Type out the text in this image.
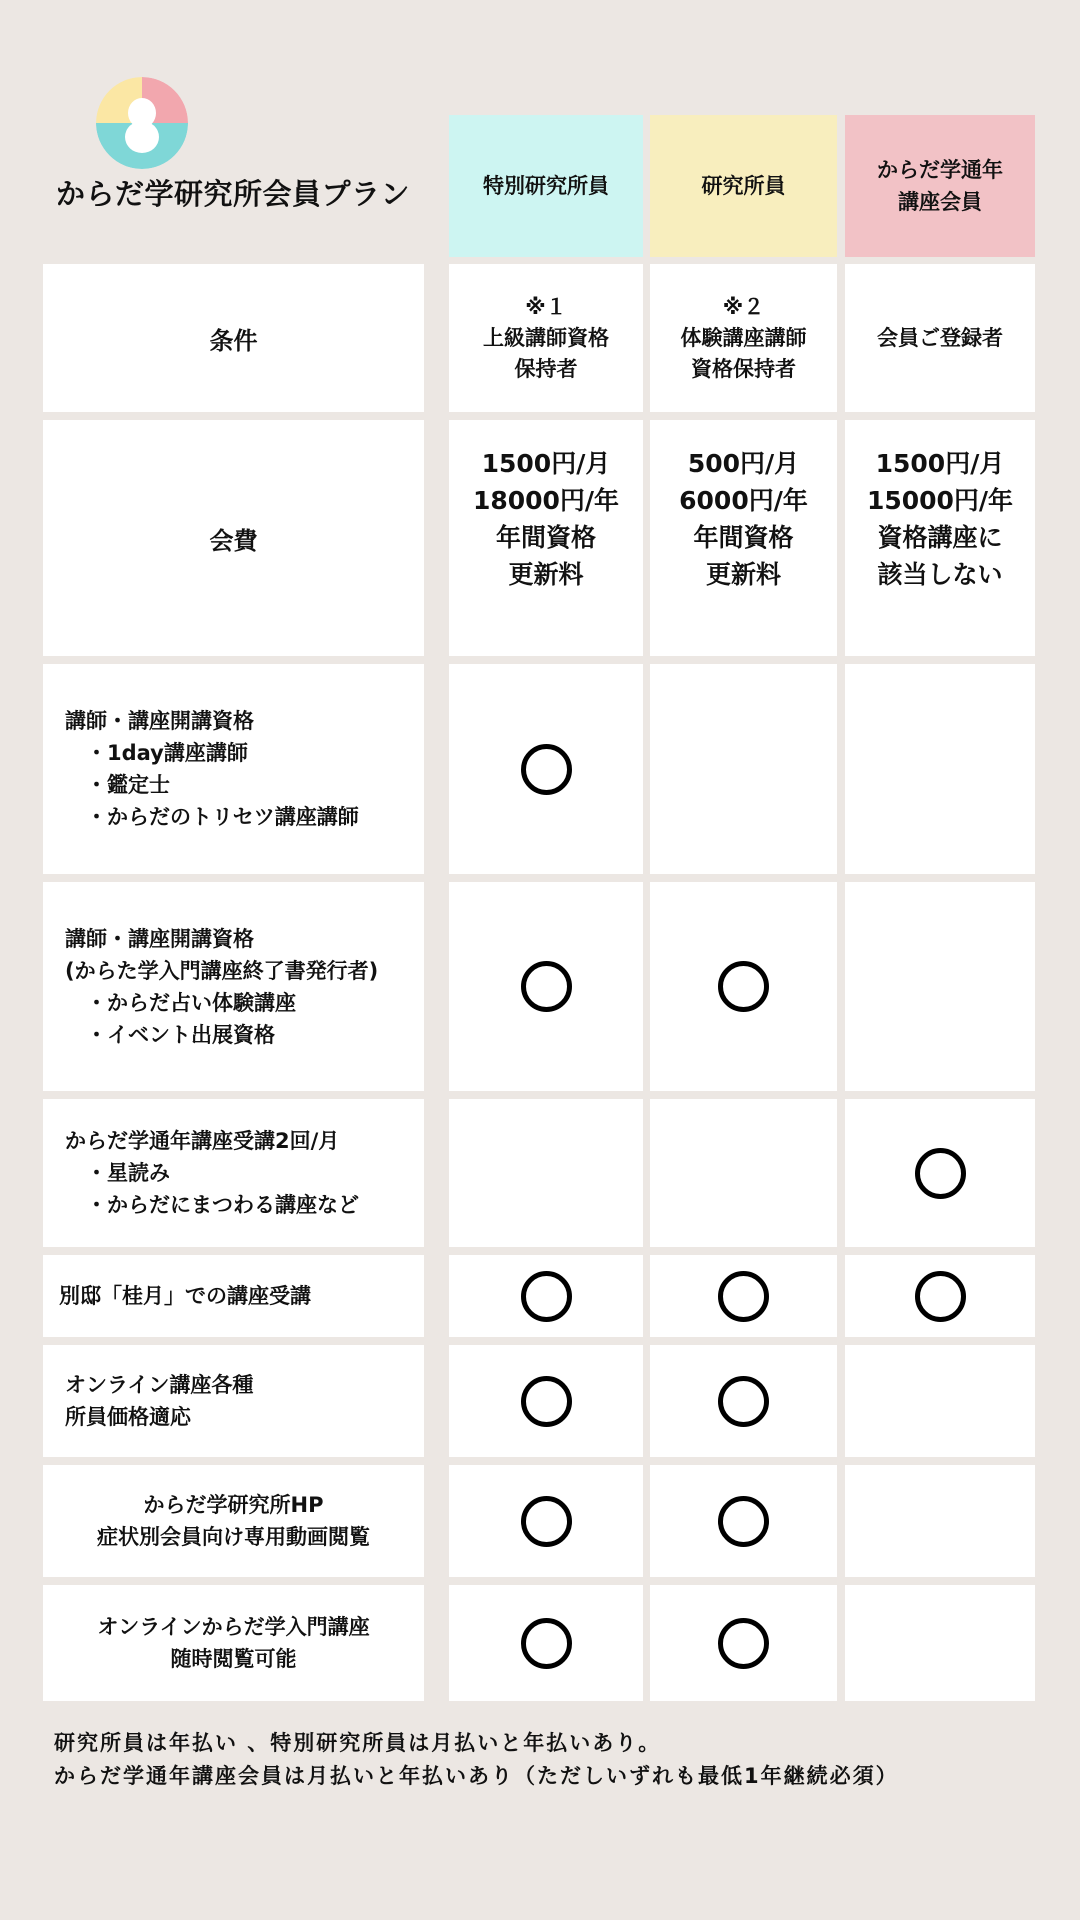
からだ学研究所会員プラン	特別研究所員	研究所員
からだ学通年
講座会員
条件
※１
上級講師資格
保持者
※２
体験講座講師
資格保持者
会員ご登録者
会費
1500円/月
18000円/年
年間資格
更新料
500円/月
6000円/年
年間資格
更新料
1500円/月
15000円/年
資格講座に
該当しない
講師・講座開講資格
　・1day講座講師
　・鑑定士
　・からだのトリセツ講座講師
講師・講座開講資格
(からた学入門講座終了書発行者)
　・からだ占い体験講座
　・イベント出展資格
からだ学通年講座受講2回/月
　・星読み
　・からだにまつわる講座など
別邸「桂月」での講座受講
オンライン講座各種
所員価格適応
からだ学研究所HP
症状別会員向け専用動画閲覧
オンラインからだ学入門講座
随時閲覧可能
研究所員は年払い 、特別研究所員は月払いと年払いあり。
からだ学通年講座会員は月払いと年払いあり（ただしいずれも最低1年継続必須）
